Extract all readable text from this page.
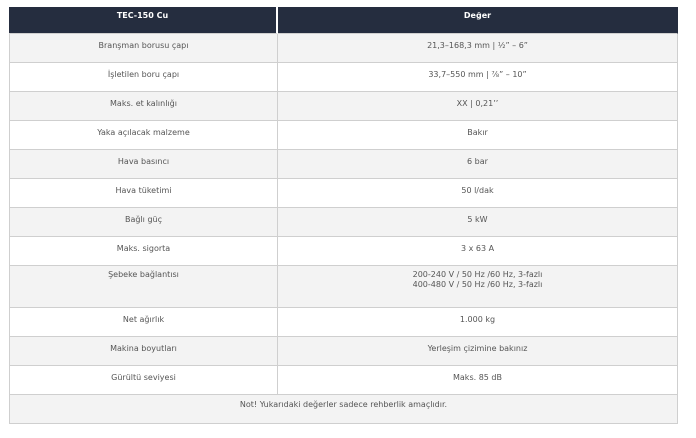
TEC-150 Cu	Değer
Branşman borusu çapı	21,3–168,3 mm | ½” – 6”
İşletilen boru çapı	33,7–550 mm | ⅞” – 10”
Maks. et kalınlığı	XX | 0,21’’
Yaka açılacak malzeme	Bakır
Hava basıncı	6 bar
Hava tüketimi	50 l/dak
Bağlı güç	5 kW
Maks. sigorta	3 x 63 A
Şebeke bağlantısı	200-240 V / 50 Hz /60 Hz, 3-fazlı
400-480 V / 50 Hz /60 Hz, 3-fazlı

Net ağırlık	1.000 kg
Makina boyutları	Yerleşim çizimine bakınız
Gürültü seviyesi	Maks. 85 dB
Not! Yukarıdaki değerler sadece rehberlik amaçlıdır.	
